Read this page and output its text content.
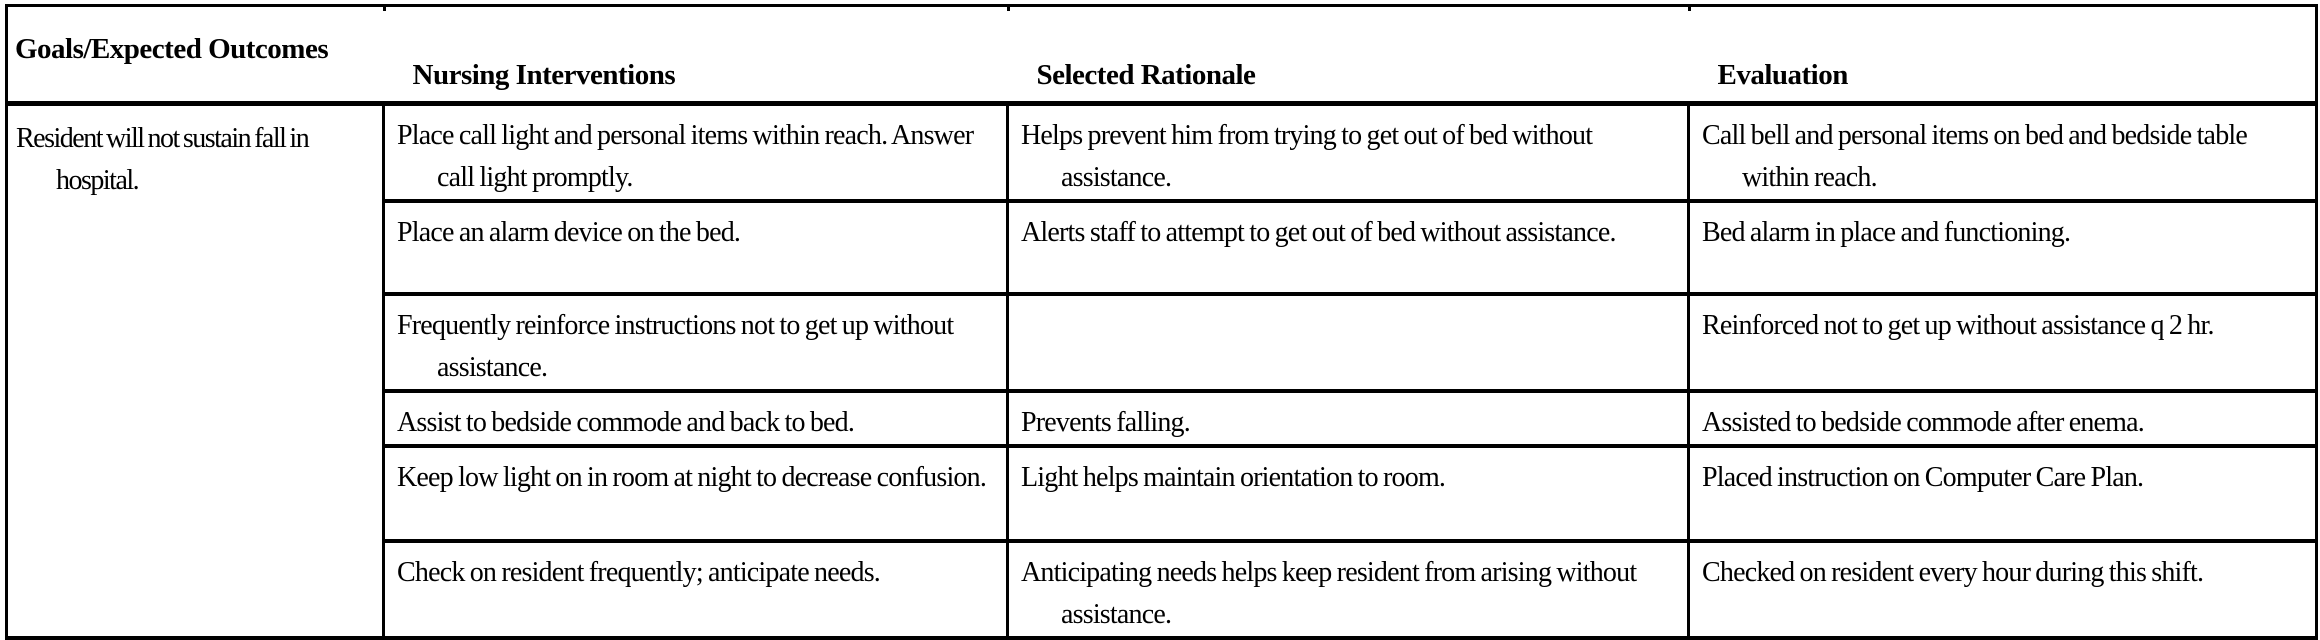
Goals/Expected Outcomes	Nursing Interventions	Selected Rationale	Evaluation

Resident will not sustain fall in hospital.	Place call light and personal items within reach. Answer call light promptly.	Helps prevent him from trying to get out of bed without assistance.	Call bell and personal items on bed and bedside table within reach.

	Place an alarm device on the bed.	Alerts staff to attempt to get out of bed without assistance.	Bed alarm in place and functioning.

	Frequently reinforce instructions not to get up without assistance.		Reinforced not to get up without assistance q 2 hr.

	Assist to bedside commode and back to bed.	Prevents falling.	Assisted to bedside commode after enema.

	Keep low light on in room at night to decrease confusion.	Light helps maintain orientation to room.	Placed instruction on Computer Care Plan.

	Check on resident frequently; anticipate needs.	Anticipating needs helps keep resident from arising without assistance.	Checked on resident every hour during this shift.
